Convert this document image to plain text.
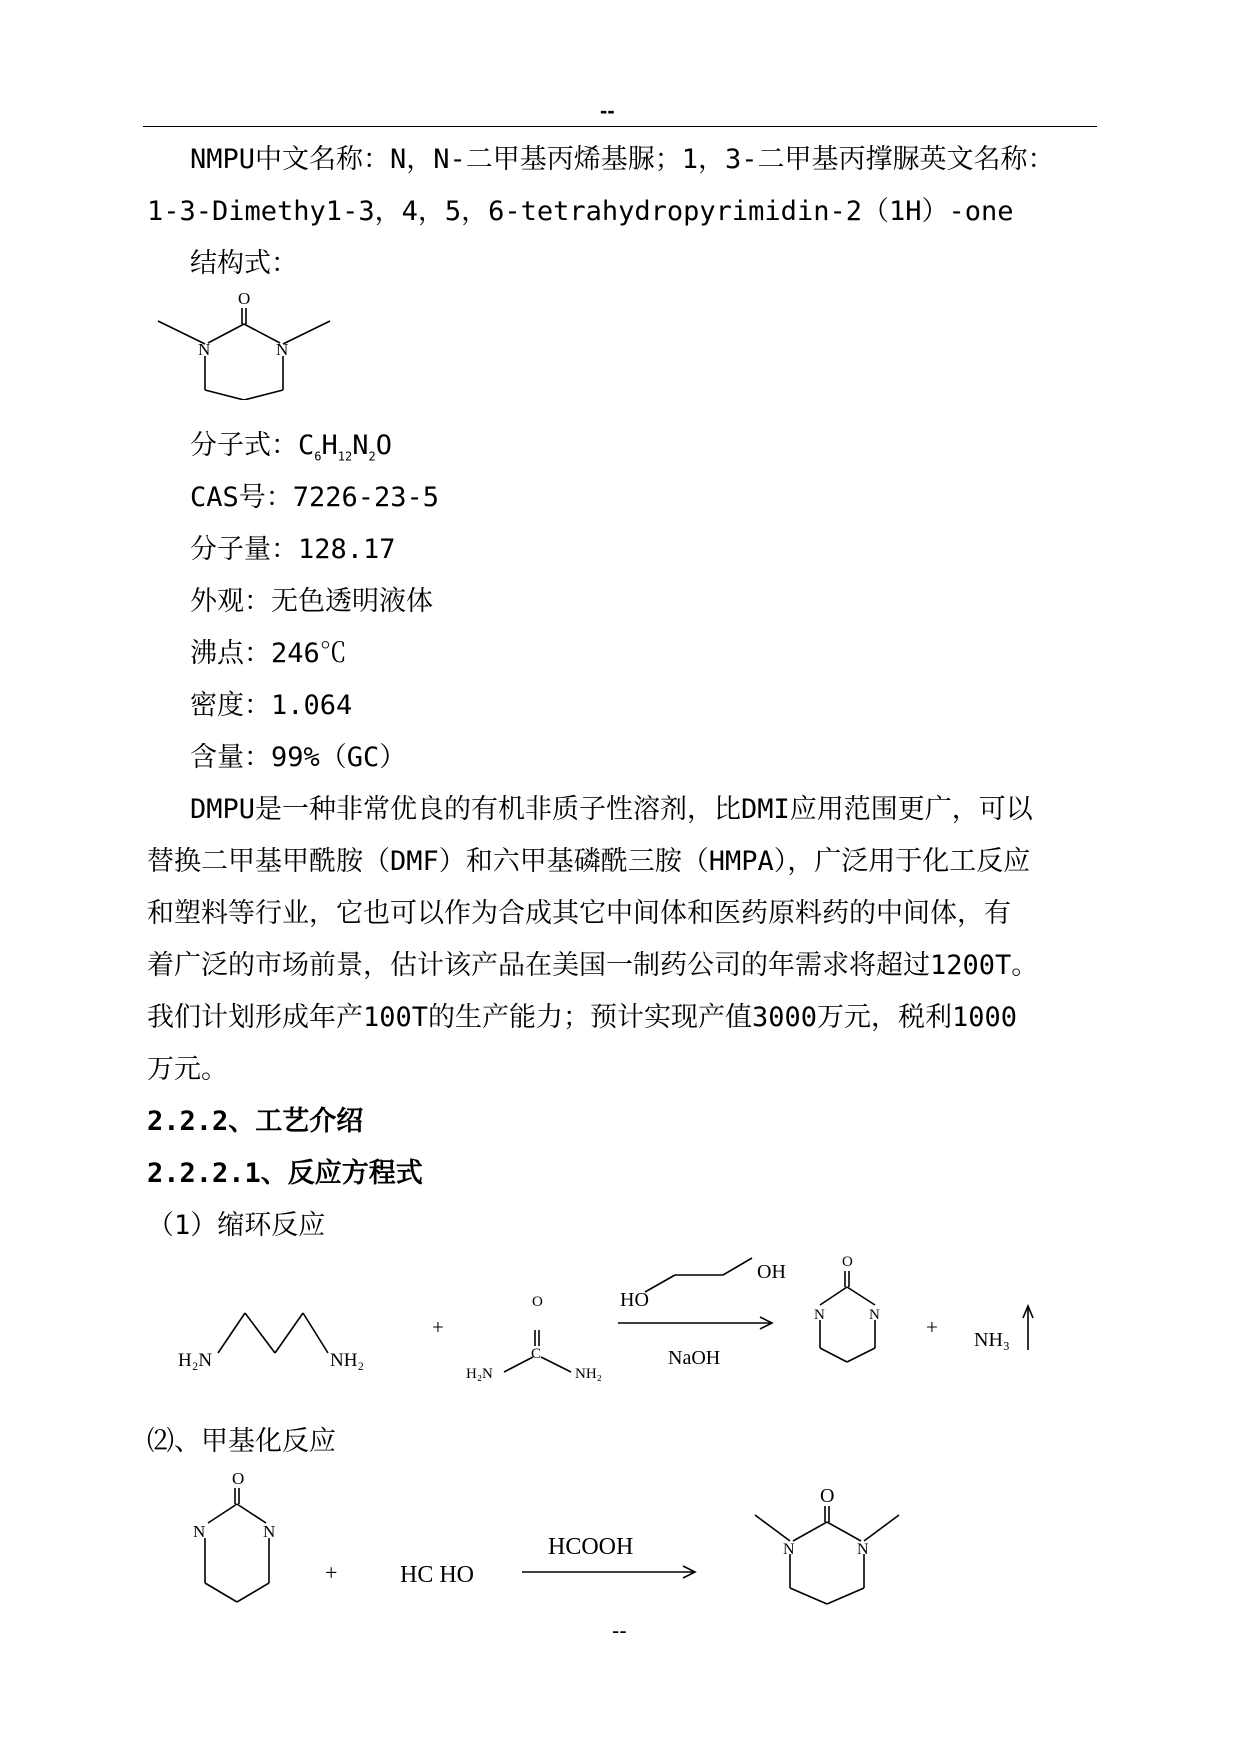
--
NMPU中文名称：N，N-二甲基丙烯基脲；1，3-二甲基丙撑脲英文名称：
1-3-Dimethy1-3，4，5，6-tetrahydropyrimidin-2（1H）-one
结构式：
O
N	N
分子式：$C_6H_{12}N_2O$
CAS号：7226-23-5
分子量：128.17
外观：无色透明液体
沸点：246℃
密度：1.064
含量：99%（GC）
DMPU是一种非常优良的有机非质子性溶剂，比DMI应用范围更广，可以
替换二甲基甲酰胺（DMF）和六甲基磷酰三胺（HMPA），广泛用于化工反应
和塑料等行业，它也可以作为合成其它中间体和医药原料药的中间体，有
着广泛的市场前景，估计该产品在美国一制药公司的年需求将超过1200T。
我们计划形成年产100T的生产能力；预计实现产值3000万元，税利1000
万元。
2.2.2、工艺介绍
2.2.2.1、反应方程式
（1）缩环反应
H₂N	NH₂
+
O
C
H₂N	NH₂
OH
HO
NaOH
O
N	N +
NH₃
⑵、甲基化反应
O
N	N
+	HC HO
HCOOH
O
N	N
--
